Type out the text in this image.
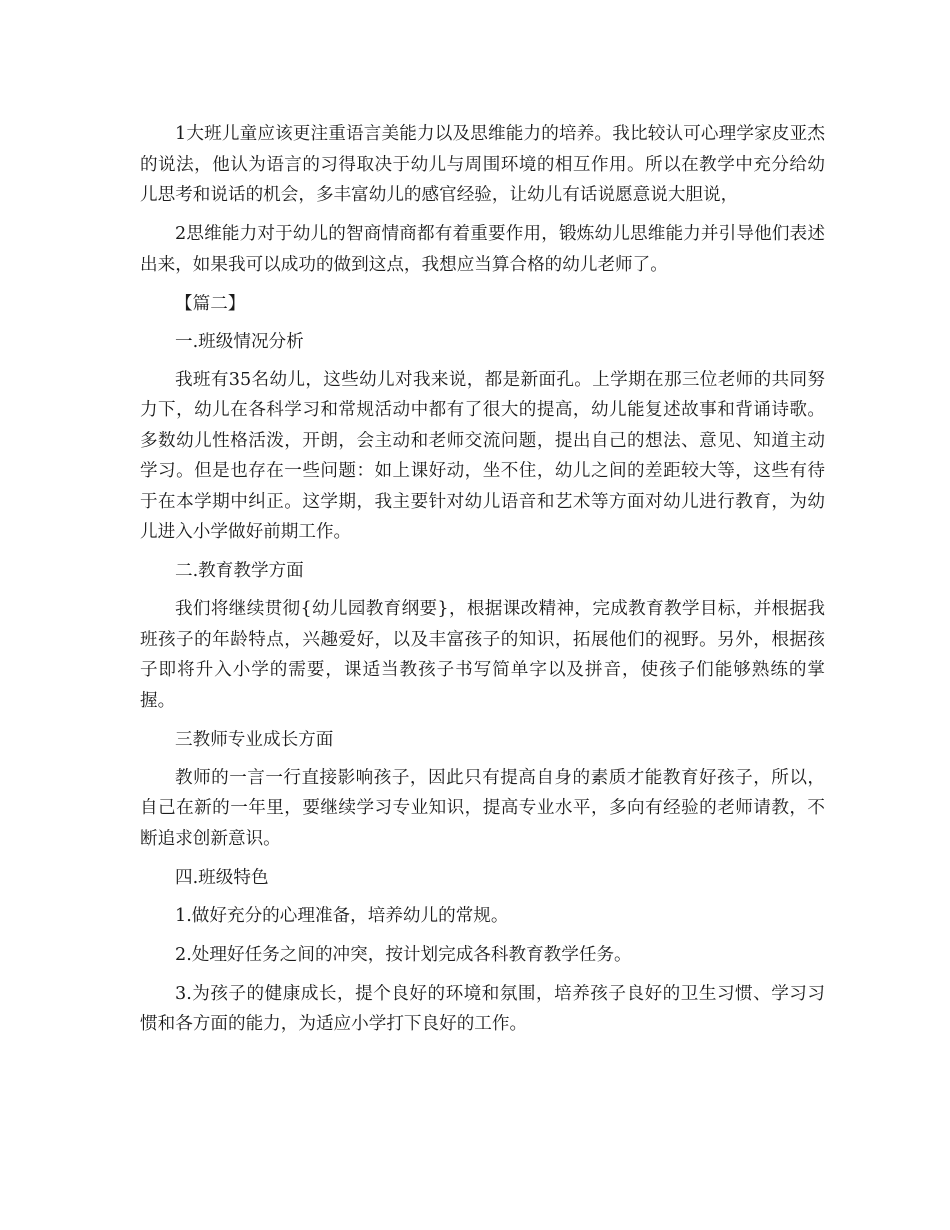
1大班儿童应该更注重语言美能力以及思维能力的培养。我比较认可心理学家皮亚杰的说法，他认为语言的习得取决于幼儿与周围环境的相互作用。所以在教学中充分给幼儿思考和说话的机会，多丰富幼儿的感官经验，让幼儿有话说愿意说大胆说，

2思维能力对于幼儿的智商情商都有着重要作用，锻炼幼儿思维能力并引导他们表述出来，如果我可以成功的做到这点，我想应当算合格的幼儿老师了。

【篇二】

一.班级情况分析

我班有35名幼儿，这些幼儿对我来说，都是新面孔。上学期在那三位老师的共同努力下，幼儿在各科学习和常规活动中都有了很大的提高，幼儿能复述故事和背诵诗歌。多数幼儿性格活泼，开朗，会主动和老师交流问题，提出自己的想法、意见、知道主动学习。但是也存在一些问题：如上课好动，坐不住，幼儿之间的差距较大等，这些有待于在本学期中纠正。这学期，我主要针对幼儿语音和艺术等方面对幼儿进行教育，为幼儿进入小学做好前期工作。

二.教育教学方面

我们将继续贯彻{幼儿园教育纲要}，根据课改精神，完成教育教学目标，并根据我班孩子的年龄特点，兴趣爱好，以及丰富孩子的知识，拓展他们的视野。另外，根据孩子即将升入小学的需要，课适当教孩子书写简单字以及拼音，使孩子们能够熟练的掌握。

三教师专业成长方面

教师的一言一行直接影响孩子，因此只有提高自身的素质才能教育好孩子，所以，自己在新的一年里，要继续学习专业知识，提高专业水平，多向有经验的老师请教，不断追求创新意识。

四.班级特色

1.做好充分的心理准备，培养幼儿的常规。

2.处理好任务之间的冲突，按计划完成各科教育教学任务。

3.为孩子的健康成长，提个良好的环境和氛围，培养孩子良好的卫生习惯、学习习惯和各方面的能力，为适应小学打下良好的工作。
